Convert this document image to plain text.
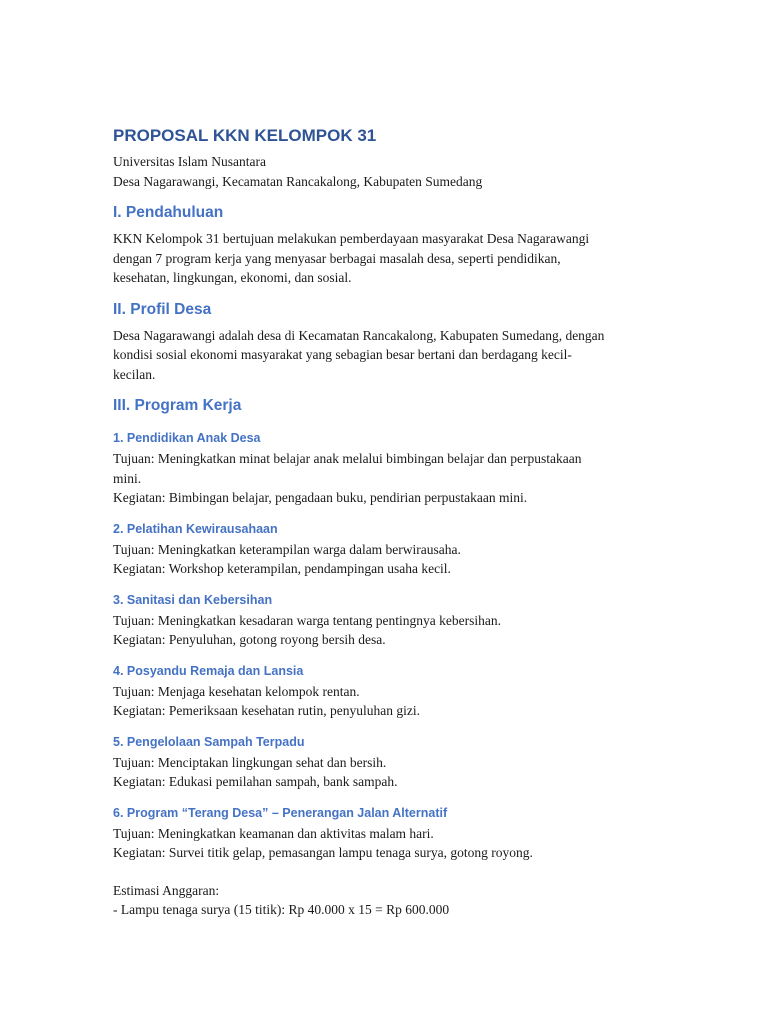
PROPOSAL KKN KELOMPOK 31

Universitas Islam Nusantara

Desa Nagarawangi, Kecamatan Rancakalong, Kabupaten Sumedang

I. Pendahuluan

KKN Kelompok 31 bertujuan melakukan pemberdayaan masyarakat Desa Nagarawangi

dengan 7 program kerja yang menyasar berbagai masalah desa, seperti pendidikan,

kesehatan, lingkungan, ekonomi, dan sosial.

II. Profil Desa

Desa Nagarawangi adalah desa di Kecamatan Rancakalong, Kabupaten Sumedang, dengan

kondisi sosial ekonomi masyarakat yang sebagian besar bertani dan berdagang kecil-

kecilan.

III. Program Kerja
1. Pendidikan Anak Desa

Tujuan: Meningkatkan minat belajar anak melalui bimbingan belajar dan perpustakaan

mini.

Kegiatan: Bimbingan belajar, pengadaan buku, pendirian perpustakaan mini.

2. Pelatihan Kewirausahaan

Tujuan: Meningkatkan keterampilan warga dalam berwirausaha.

Kegiatan: Workshop keterampilan, pendampingan usaha kecil.

3. Sanitasi dan Kebersihan

Tujuan: Meningkatkan kesadaran warga tentang pentingnya kebersihan.

Kegiatan: Penyuluhan, gotong royong bersih desa.

4. Posyandu Remaja dan Lansia

Tujuan: Menjaga kesehatan kelompok rentan.

Kegiatan: Pemeriksaan kesehatan rutin, penyuluhan gizi.

5. Pengelolaan Sampah Terpadu

Tujuan: Menciptakan lingkungan sehat dan bersih.

Kegiatan: Edukasi pemilahan sampah, bank sampah.

6. Program “Terang Desa” – Penerangan Jalan Alternatif

Tujuan: Meningkatkan keamanan dan aktivitas malam hari.

Kegiatan: Survei titik gelap, pemasangan lampu tenaga surya, gotong royong.

Estimasi Anggaran:

- Lampu tenaga surya (15 titik): Rp 40.000 x 15 = Rp 600.000
